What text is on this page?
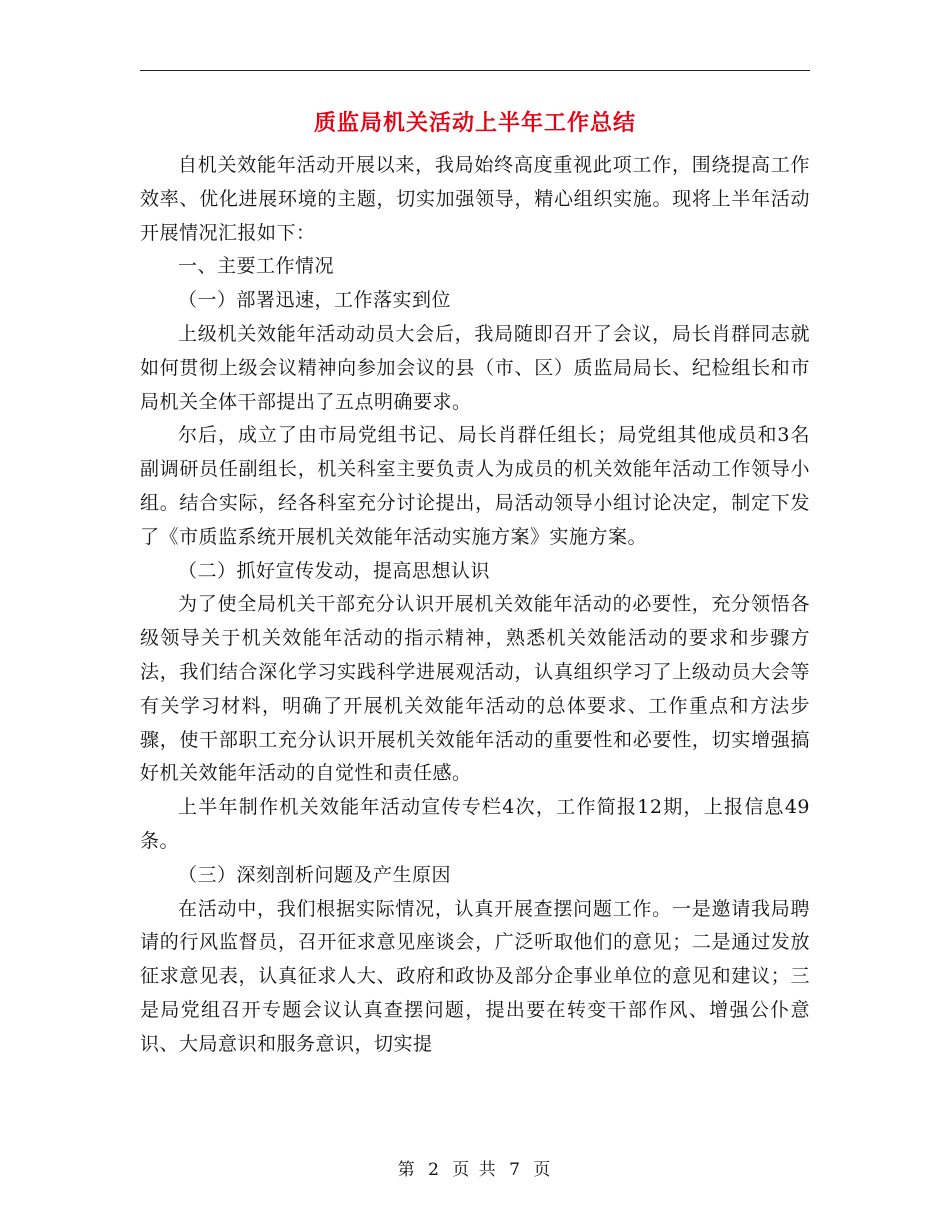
质监局机关活动上半年工作总结

自机关效能年活动开展以来，我局始终高度重视此项工作，围绕提高工作效率、优化进展环境的主题，切实加强领导，精心组织实施。现将上半年活动开展情况汇报如下：

一、主要工作情况

（一）部署迅速，工作落实到位

上级机关效能年活动动员大会后，我局随即召开了会议，局长肖群同志就如何贯彻上级会议精神向参加会议的县（市、区）质监局局长、纪检组长和市局机关全体干部提出了五点明确要求。

尔后，成立了由市局党组书记、局长肖群任组长；局党组其他成员和3名副调研员任副组长，机关科室主要负责人为成员的机关效能年活动工作领导小组。结合实际，经各科室充分讨论提出，局活动领导小组讨论决定，制定下发了《市质监系统开展机关效能年活动实施方案》实施方案。

（二）抓好宣传发动，提高思想认识

为了使全局机关干部充分认识开展机关效能年活动的必要性，充分领悟各级领导关于机关效能年活动的指示精神，熟悉机关效能活动的要求和步骤方法，我们结合深化学习实践科学进展观活动，认真组织学习了上级动员大会等有关学习材料，明确了开展机关效能年活动的总体要求、工作重点和方法步骤，使干部职工充分认识开展机关效能年活动的重要性和必要性，切实增强搞好机关效能年活动的自觉性和责任感。

上半年制作机关效能年活动宣传专栏4次，工作简报12期，上报信息49条。

（三）深刻剖析问题及产生原因

在活动中，我们根据实际情况，认真开展查摆问题工作。一是邀请我局聘请的行风监督员，召开征求意见座谈会，广泛听取他们的意见；二是通过发放征求意见表，认真征求人大、政府和政协及部分企事业单位的意见和建议；三是局党组召开专题会议认真查摆问题，提出要在转变干部作风、增强公仆意识、大局意识和服务意识，切实提

第 2 页 共 7 页
